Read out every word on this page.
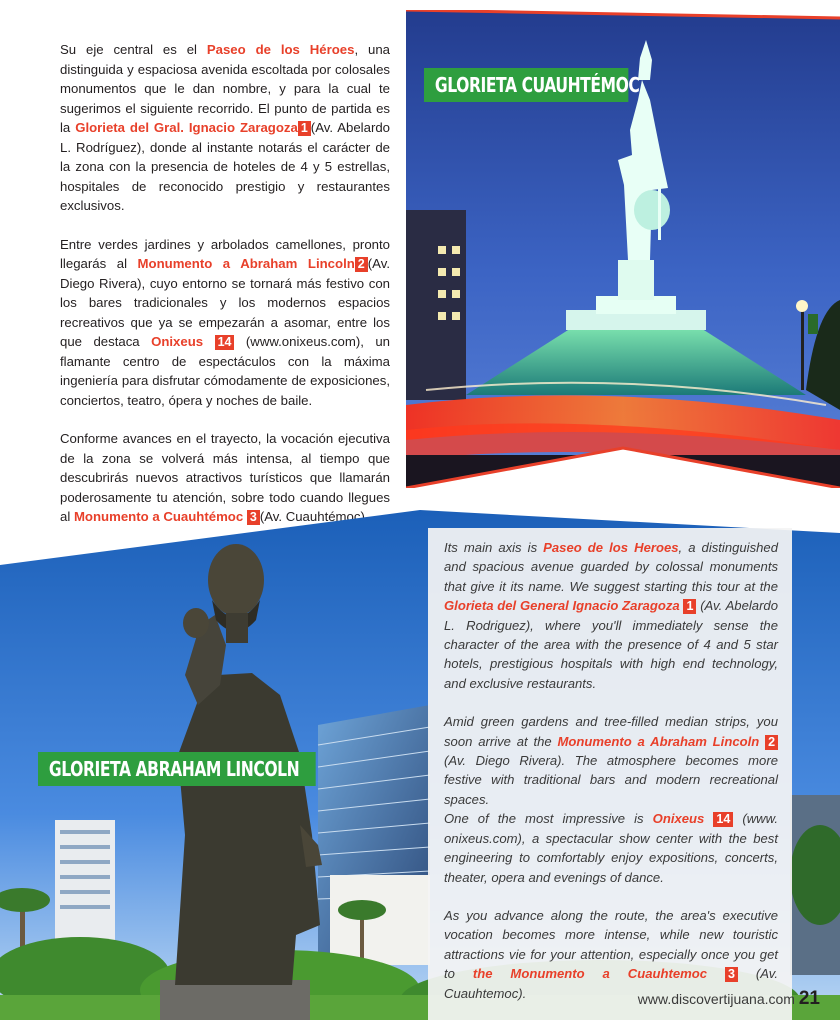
Su eje central es el Paseo de los Héroes, una distinguida y espaciosa avenida escoltada por colosales monumentos que le dan nombre, y para la cual te sugerimos el siguiente recorrido. El punto de partida es la Glorieta del Gral. Ignacio Zaragoza 1 (Av. Abelardo L. Rodríguez), donde al instante notarás el carácter de la zona con la presencia de hoteles de 4 y 5 estrellas, hospitales de reconocido prestigio y restaurantes exclusivos.

Entre verdes jardines y arbolados camellones, pronto llegarás al Monumento a Abraham Lincoln 2 (Av. Diego Rivera), cuyo entorno se tornará más festivo con los bares tradicionales y los modernos espacios recreativos que ya se empezarán a asomar, entre los que destaca Onixeus 14 (www.onixeus.com), un flamante centro de espectáculos con la máxima ingeniería para disfrutar cómodamente de exposiciones, conciertos, teatro, ópera y noches de baile.

Conforme avances en el trayecto, la vocación ejecutiva de la zona se volverá más intensa, al tiempo que descubrirás nuevos atractivos turísticos que llamarán poderosamente tu atención, sobre todo cuando llegues al Monumento a Cuauhtémoc 3 (Av. Cuauhtémoc).

GLORIETA CUAUHTÉMOC
GLORIETA ABRAHAM LINCOLN

Its main axis is Paseo de los Heroes, a distinguished and spacious avenue guarded by colossal monuments that give it its name. We suggest starting this tour at the Glorieta del General Ignacio Zaragoza 1 (Av. Abelardo L. Rodriguez), where you'll immediately sense the character of the area with the presence of 4 and 5 star hotels, prestigious hospitals with high end technology, and exclusive restaurants.

Amid green gardens and tree-filled median strips, you soon arrive at the Monumento a Abraham Lincoln 2 (Av. Diego Rivera). The atmosphere becomes more festive with traditional bars and modern recreational spaces.

One of the most impressive is Onixeus 14 (www. onixeus.com), a spectacular show center with the best engineering to comfortably enjoy expositions, concerts, theater, opera and evenings of dance.

As you advance along the route, the area's executive vocation becomes more intense, while new touristic attractions vie for your attention, especially once you get to the Monumento a Cuauhtemoc 3 (Av. Cuauhtemoc).	www.discovertijuana.com 21
